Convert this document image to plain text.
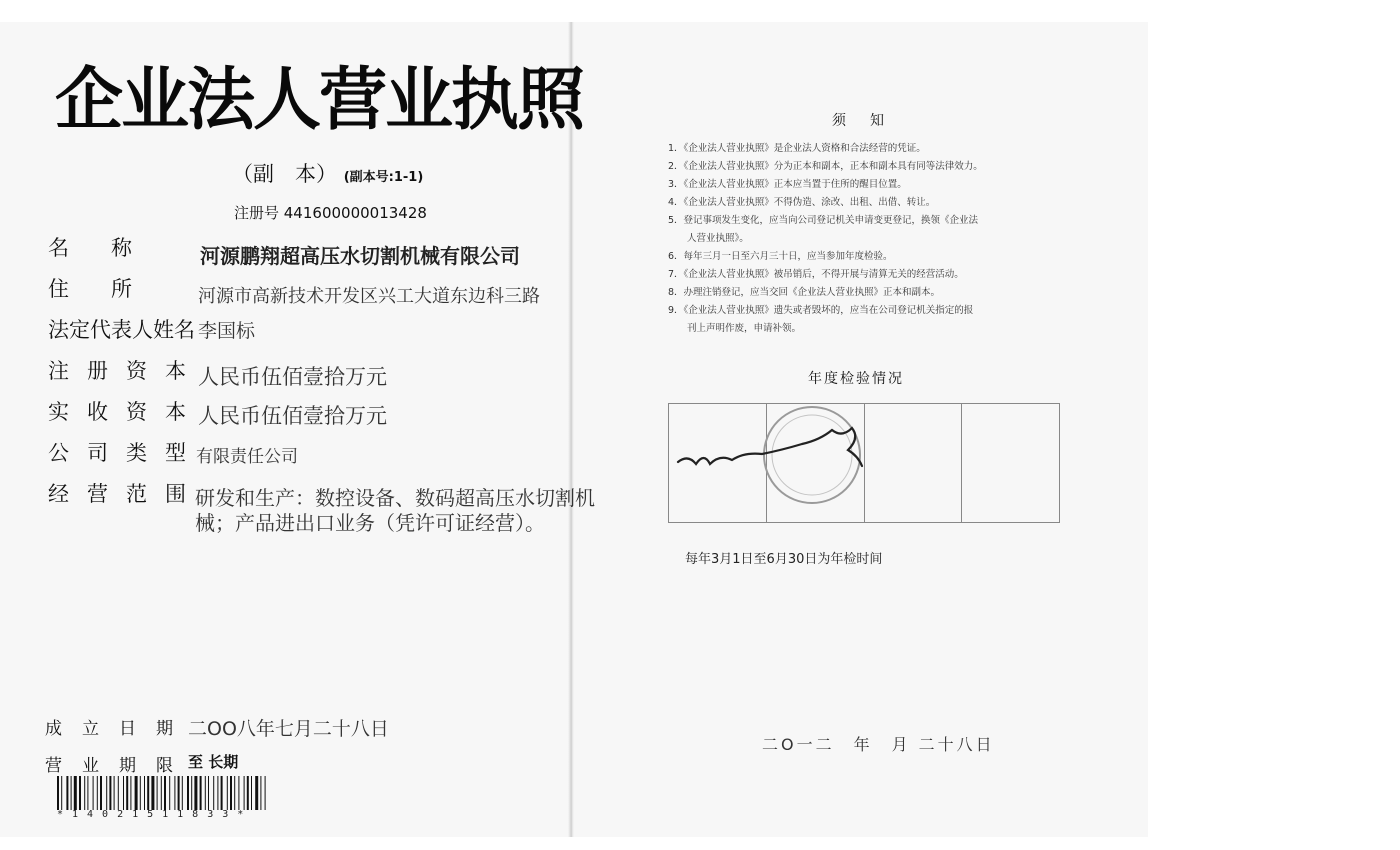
企业法人营业执照
（副　本） (副本号:1-1)
注册号 441600000013428
名　　称	河源鹏翔超高压水切割机械有限公司
住　　所	河源市高新技术开发区兴工大道东边科三路
法定代表人姓名 李国标
注册资本
人民币伍佰壹拾万元
实收资本
人民币伍佰壹拾万元
公司类型
有限责任公司
经营范围
研发和生产：数控设备、数码超高压水切割机械；产品进出口业务（凭许可证经营）。
成立日期
二OO八年七月二十八日
营业期限
至 长期
*14021511833*
须知
1．《企业法人营业执照》是企业法人资格和合法经营的凭证。
2．《企业法人营业执照》分为正本和副本，正本和副本具有同等法律效力。
3．《企业法人营业执照》正本应当置于住所的醒目位置。
4．《企业法人营业执照》不得伪造、涂改、出租、出借、转让。
5．登记事项发生变化，应当向公司登记机关申请变更登记，换领《企业法
　　人营业执照》。
6．每年三月一日至六月三十日，应当参加年度检验。
7．《企业法人营业执照》被吊销后，不得开展与清算无关的经营活动。
8．办理注销登记，应当交回《企业法人营业执照》正本和副本。
9．《企业法人营业执照》遗失或者毁坏的，应当在公司登记机关指定的报
　　刊上声明作废，申请补领。
年度检验情况
每年3月1日至6月30日为年检时间
二O一二　年　月 二十八日
